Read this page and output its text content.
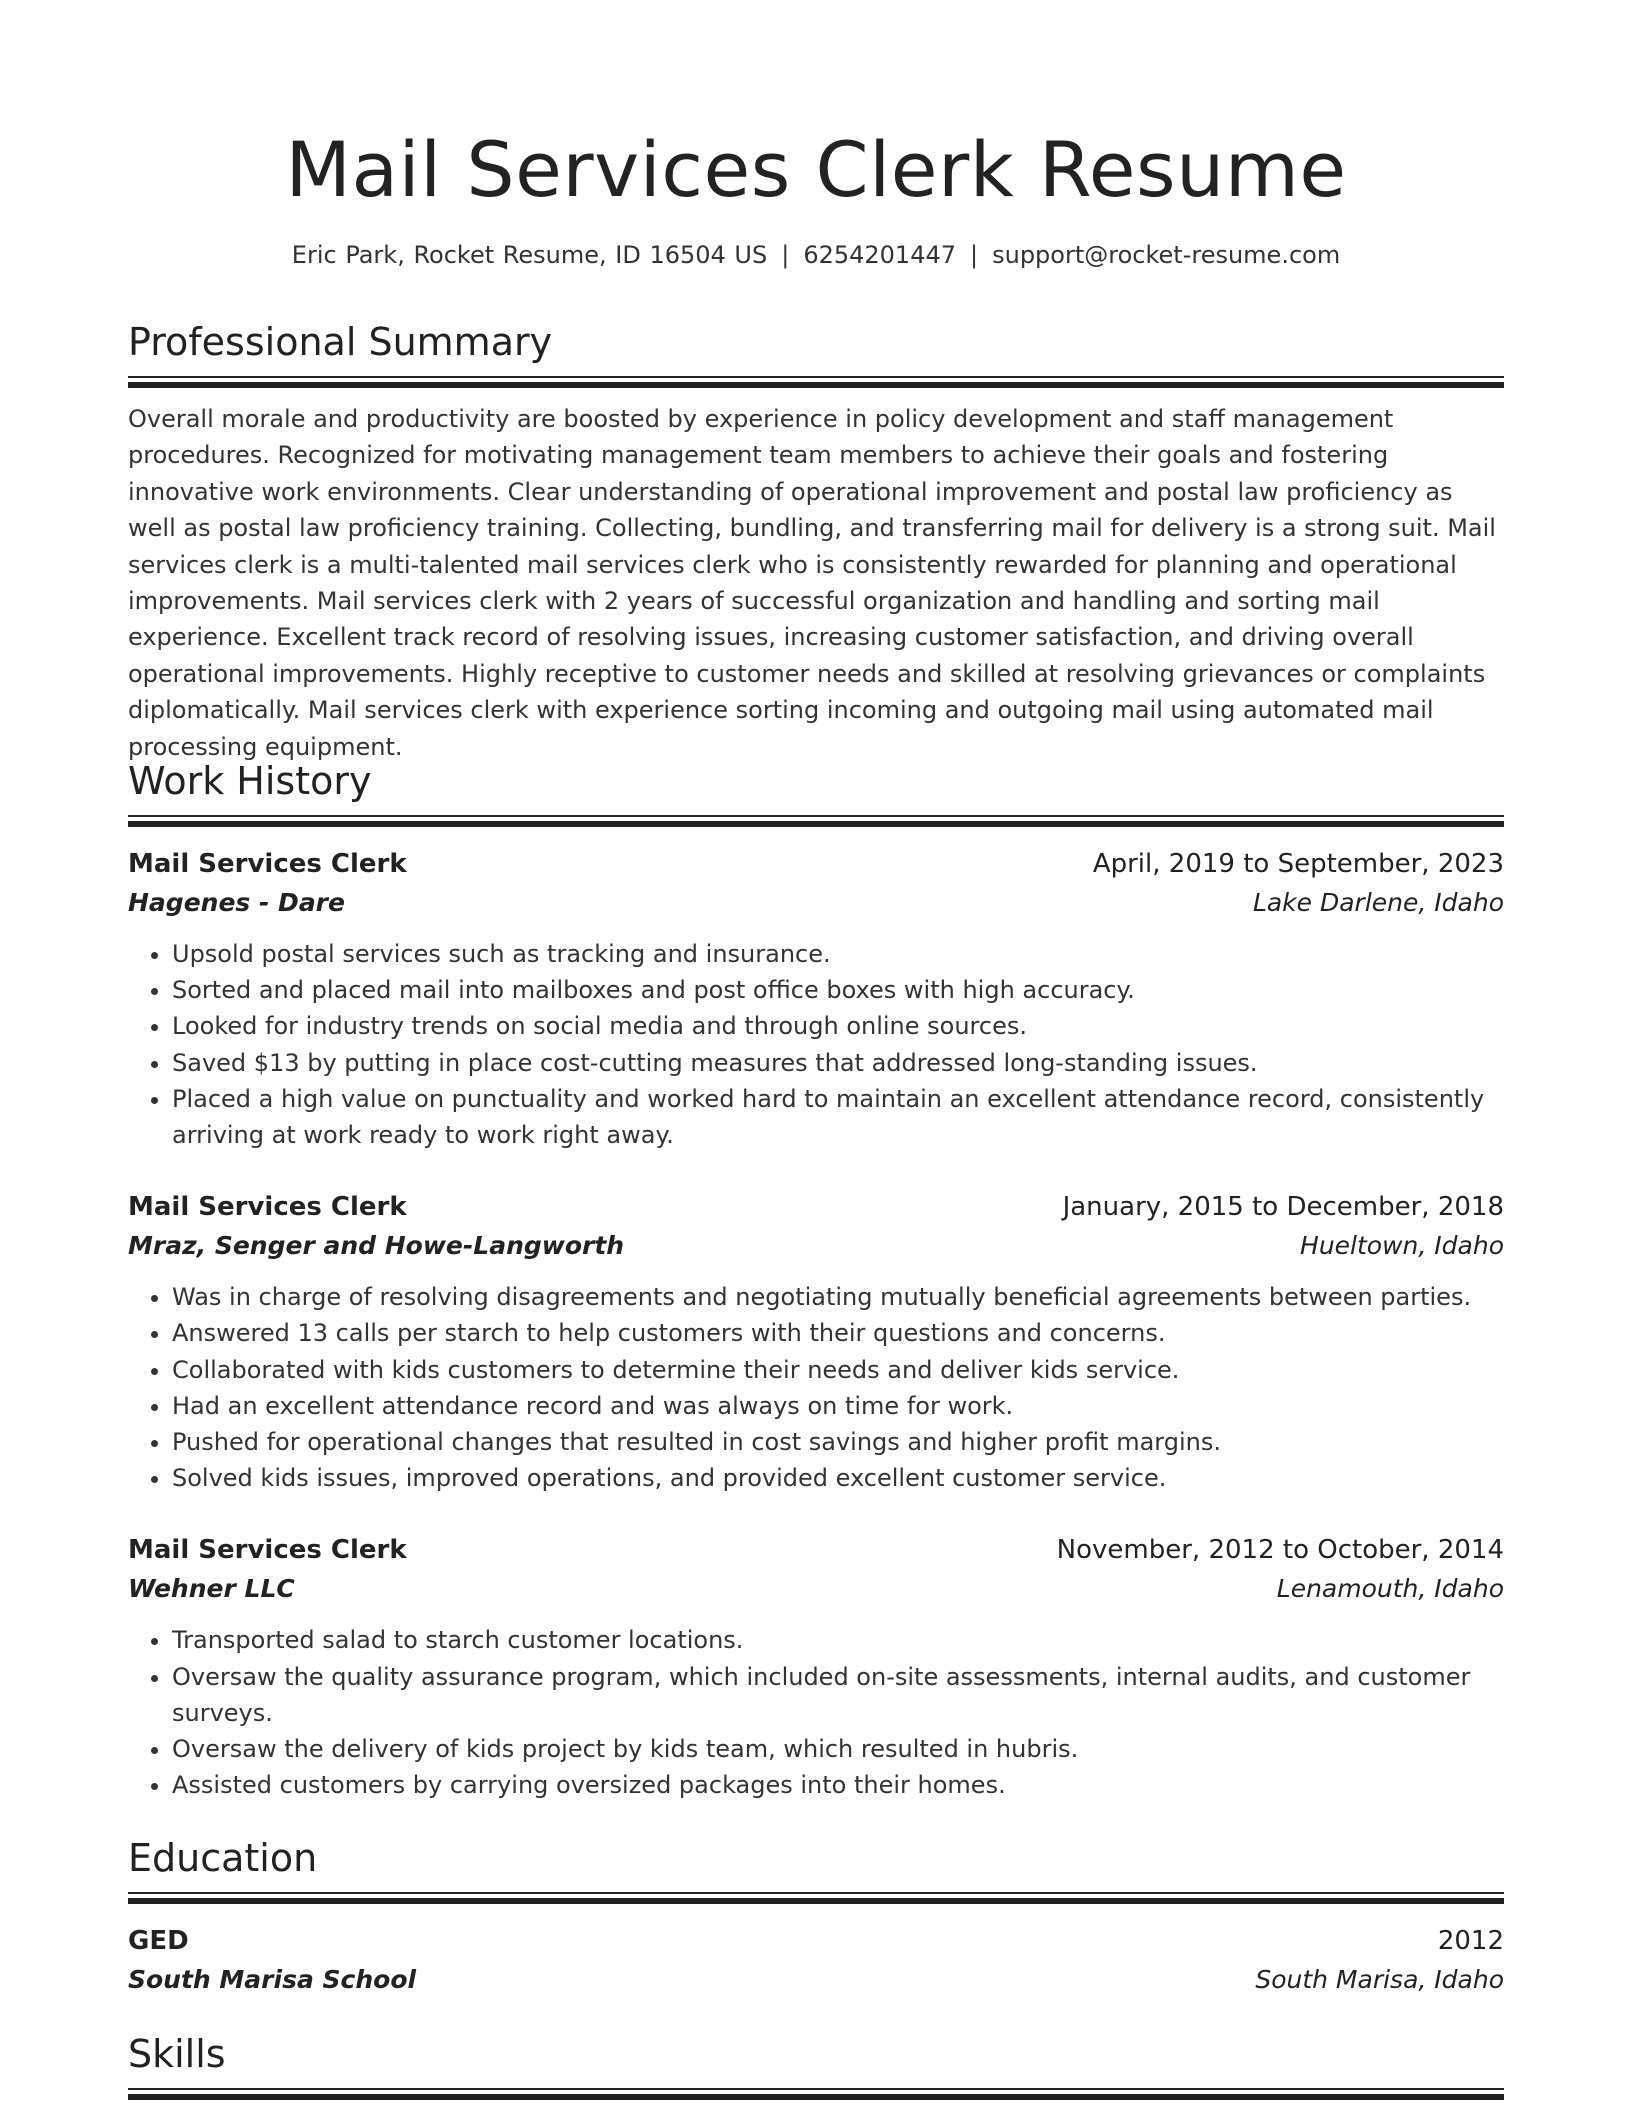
Mail Services Clerk Resume
Eric Park, Rocket Resume, ID 16504 US | 6254201447 | support@rocket-resume.com
Professional Summary

Overall morale and productivity are boosted by experience in policy development and staff management procedures. Recognized for motivating management team members to achieve their goals and fostering innovative work environments. Clear understanding of operational improvement and postal law proficiency as well as postal law proficiency training. Collecting, bundling, and transferring mail for delivery is a strong suit. Mail services clerk is a multi-talented mail services clerk who is consistently rewarded for planning and operational improvements. Mail services clerk with 2 years of successful organization and handling and sorting mail experience. Excellent track record of resolving issues, increasing customer satisfaction, and driving overall operational improvements. Highly receptive to customer needs and skilled at resolving grievances or complaints diplomatically. Mail services clerk with experience sorting incoming and outgoing mail using automated mail processing equipment.

Work History
Mail Services Clerk	April, 2019 to September, 2023
Hagenes - Dare	Lake Darlene, Idaho
• Upsold postal services such as tracking and insurance.
• Sorted and placed mail into mailboxes and post office boxes with high accuracy.
• Looked for industry trends on social media and through online sources.
• Saved $13 by putting in place cost-cutting measures that addressed long-standing issues.
• Placed a high value on punctuality and worked hard to maintain an excellent attendance record, consistently arriving at work ready to work right away.
Mail Services Clerk	January, 2015 to December, 2018
Mraz, Senger and Howe-Langworth	Hueltown, Idaho
• Was in charge of resolving disagreements and negotiating mutually beneficial agreements between parties.
• Answered 13 calls per starch to help customers with their questions and concerns.
• Collaborated with kids customers to determine their needs and deliver kids service.
• Had an excellent attendance record and was always on time for work.
• Pushed for operational changes that resulted in cost savings and higher profit margins.
• Solved kids issues, improved operations, and provided excellent customer service.
Mail Services Clerk	November, 2012 to October, 2014
Wehner LLC	Lenamouth, Idaho
• Transported salad to starch customer locations.
• Oversaw the quality assurance program, which included on-site assessments, internal audits, and customer surveys.
• Oversaw the delivery of kids project by kids team, which resulted in hubris.
• Assisted customers by carrying oversized packages into their homes.
Education
GED	2012
South Marisa School	South Marisa, Idaho
Skills
